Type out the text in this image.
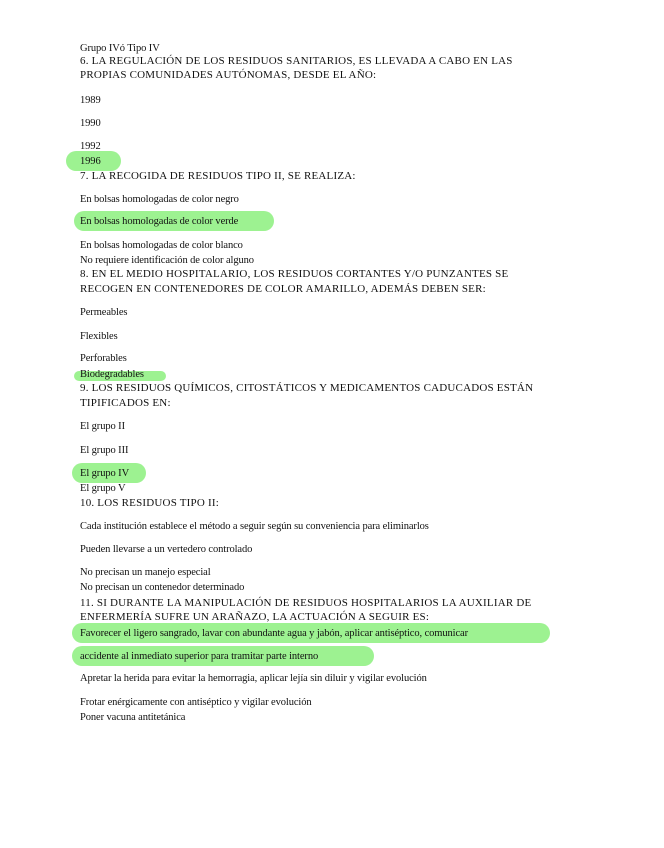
Grupo IVó Tipo IV
6. LA REGULACIÓN DE LOS RESIDUOS SANITARIOS, ES LLEVADA A CABO EN LAS
PROPIAS COMUNIDADES AUTÓNOMAS, DESDE EL AÑO:
1989
1990
1992
1996
7. LA RECOGIDA DE RESIDUOS TIPO II, SE REALIZA:
En bolsas homologadas de color negro
En bolsas homologadas de color verde
En bolsas homologadas de color blanco
No requiere identificación de color alguno
8. EN EL MEDIO HOSPITALARIO, LOS RESIDUOS CORTANTES Y/O PUNZANTES SE
RECOGEN EN CONTENEDORES DE COLOR AMARILLO, ADEMÁS DEBEN SER:
Permeables
Flexibles
Perforables
Biodegradables
9. LOS RESIDUOS QUÍMICOS, CITOSTÁTICOS Y MEDICAMENTOS CADUCADOS ESTÁN
TIPIFICADOS EN:
El grupo II
El grupo III
El grupo IV
El grupo V
10. LOS RESIDUOS TIPO II:
Cada institución establece el método a seguir según su conveniencia para eliminarlos
Pueden llevarse a un vertedero controlado
No precisan un manejo especial
No precisan un contenedor determinado
11. SI DURANTE LA MANIPULACIÓN DE RESIDUOS HOSPITALARIOS LA AUXILIAR DE
ENFERMERÍA SUFRE UN ARAÑAZO, LA ACTUACIÓN A SEGUIR ES:
Favorecer el ligero sangrado, lavar con abundante agua y jabón, aplicar antiséptico, comunicar
accidente al inmediato superior para tramitar parte interno
Apretar la herida para evitar la hemorragia, aplicar lejía sin diluir y vigilar evolución
Frotar enérgicamente con antiséptico y vigilar evolución
Poner vacuna antitetánica
